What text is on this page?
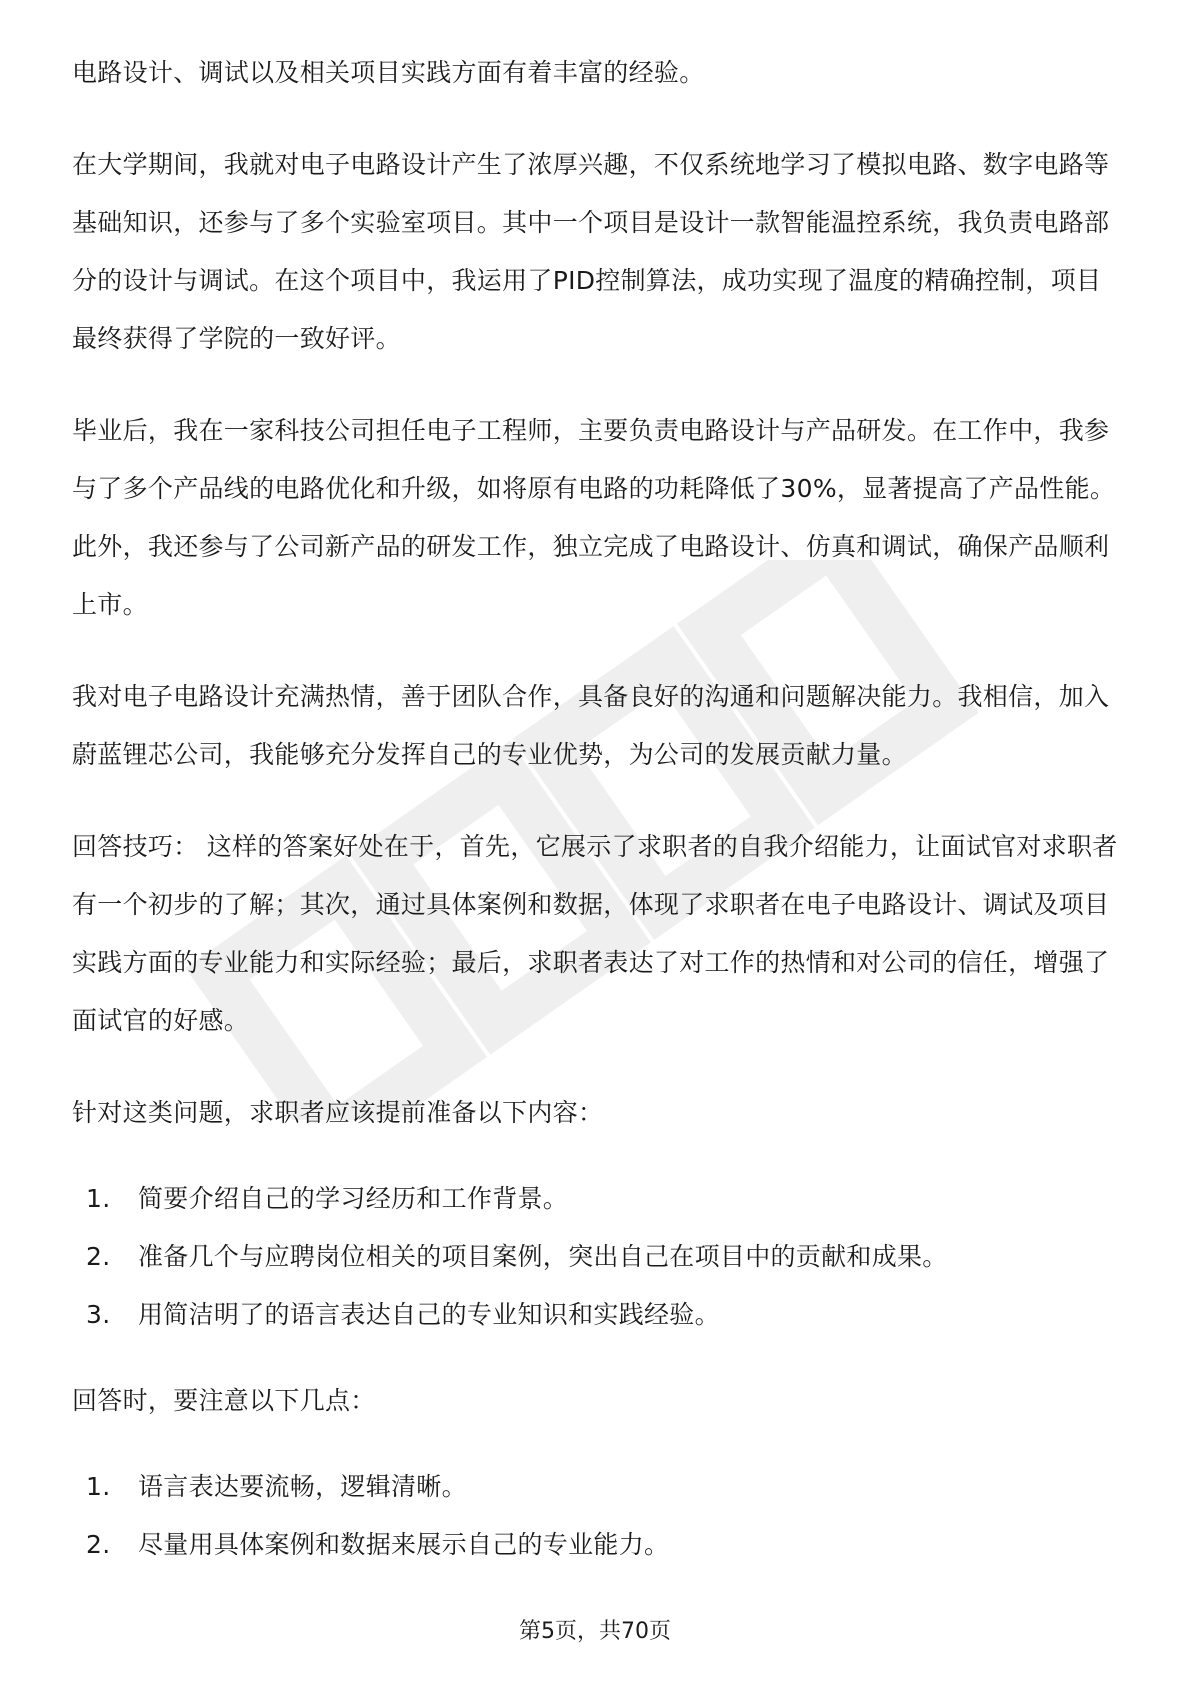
电路设计、调试以及相关项目实践方面有着丰富的经验。

在大学期间，我就对电子电路设计产生了浓厚兴趣，不仅系统地学习了模拟电路、数字电路等基础知识，还参与了多个实验室项目。其中一个项目是设计一款智能温控系统，我负责电路部分的设计与调试。在这个项目中，我运用了PID控制算法，成功实现了温度的精确控制，项目最终获得了学院的一致好评。

毕业后，我在一家科技公司担任电子工程师，主要负责电路设计与产品研发。在工作中，我参与了多个产品线的电路优化和升级，如将原有电路的功耗降低了30%，显著提高了产品性能。此外，我还参与了公司新产品的研发工作，独立完成了电路设计、仿真和调试，确保产品顺利上市。

我对电子电路设计充满热情，善于团队合作，具备良好的沟通和问题解决能力。我相信，加入蔚蓝锂芯公司，我能够充分发挥自己的专业优势，为公司的发展贡献力量。

回答技巧： 这样的答案好处在于，首先，它展示了求职者的自我介绍能力，让面试官对求职者有一个初步的了解；其次，通过具体案例和数据，体现了求职者在电子电路设计、调试及项目实践方面的专业能力和实际经验；最后，求职者表达了对工作的热情和对公司的信任，增强了面试官的好感。

针对这类问题，求职者应该提前准备以下内容：

1.	简要介绍自己的学习经历和工作背景。
2.	准备几个与应聘岗位相关的项目案例，突出自己在项目中的贡献和成果。
3.	用简洁明了的语言表达自己的专业知识和实践经验。

回答时，要注意以下几点：

1.	语言表达要流畅，逻辑清晰。
2.	尽量用具体案例和数据来展示自己的专业能力。
第5页，共70页
